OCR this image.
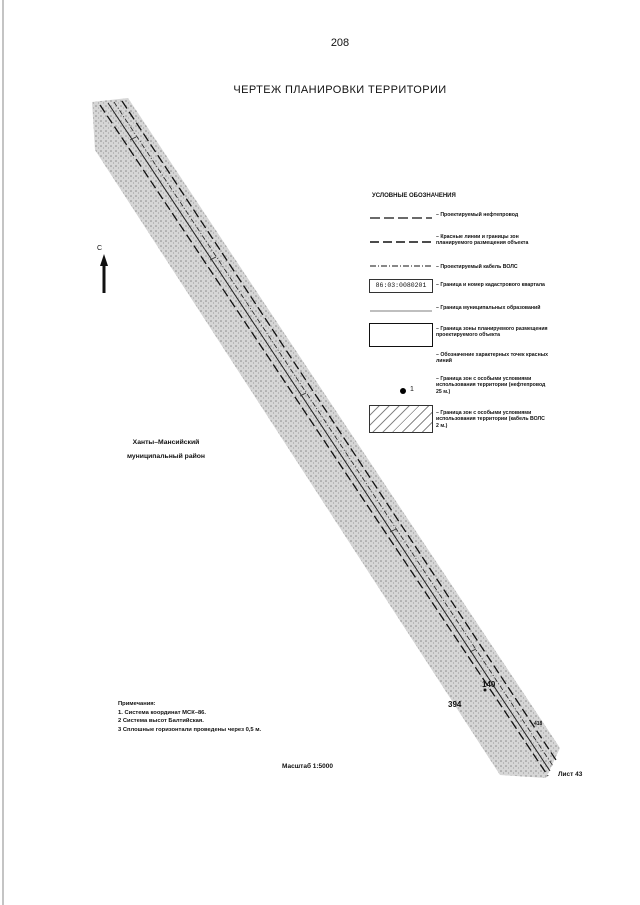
208
ЧЕРТЕЖ ПЛАНИРОВКИ ТЕРРИТОРИИ
С
УСЛОВНЫЕ ОБОЗНАЧЕНИЯ
– Проектируемый нефтепровод
– Красные линии и границы зон планируемого размещения объекта
– Проектируемый кабель ВОЛС
86:03:0080201	– Граница и номер кадастрового квартала
– Граница муниципальных образований
– Граница зоны планируемого размещения проектируемого объекта
1
– Обозначение характерных точек красных линий
– Граница зон с особыми условиями использования территории (нефтепровод 25 м.)
– Граница зон с особыми условиями использования территории (кабель ВОЛС 2 м.)
Ханты–Мансийский
муниципальный район
140
394
418
Примечания:
1. Система координат МСК–86.
2 Система высот Балтийская.
3 Сплошные горизонтали проведены через 0,5 м.
Масштаб 1:5000
Лист 43
